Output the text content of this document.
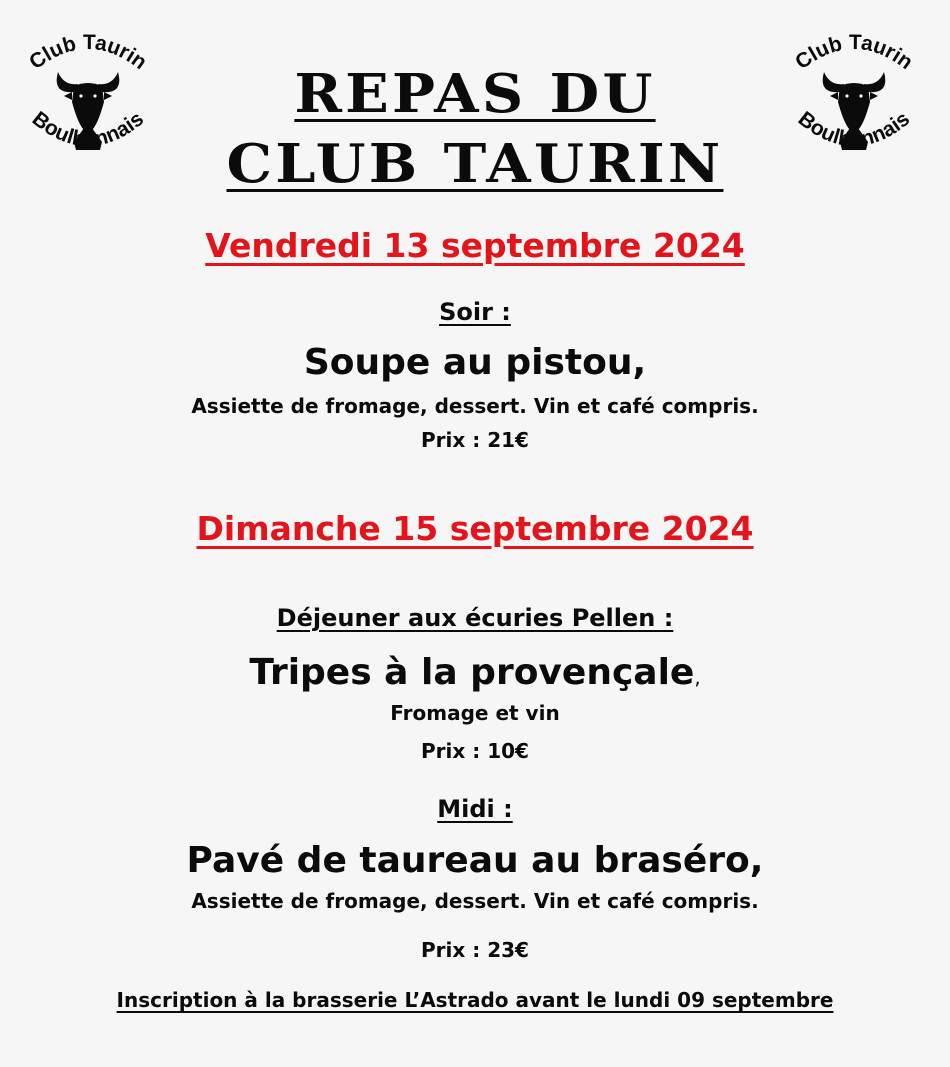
Club Taurin
Boulbonnais
Club Taurin
Boulbonnais
REPAS DU
CLUB TAURIN
Vendredi 13 septembre 2024
Soir :
Soupe au pistou,
Assiette de fromage, dessert. Vin et café compris.
Prix : 21€
Dimanche 15 septembre 2024
Déjeuner aux écuries Pellen :
Tripes à la provençale,
Fromage et vin
Prix : 10€
Midi :
Pavé de taureau au braséro,
Assiette de fromage, dessert. Vin et café compris.
Prix : 23€
Inscription à la brasserie L’Astrado avant le lundi 09 septembre
